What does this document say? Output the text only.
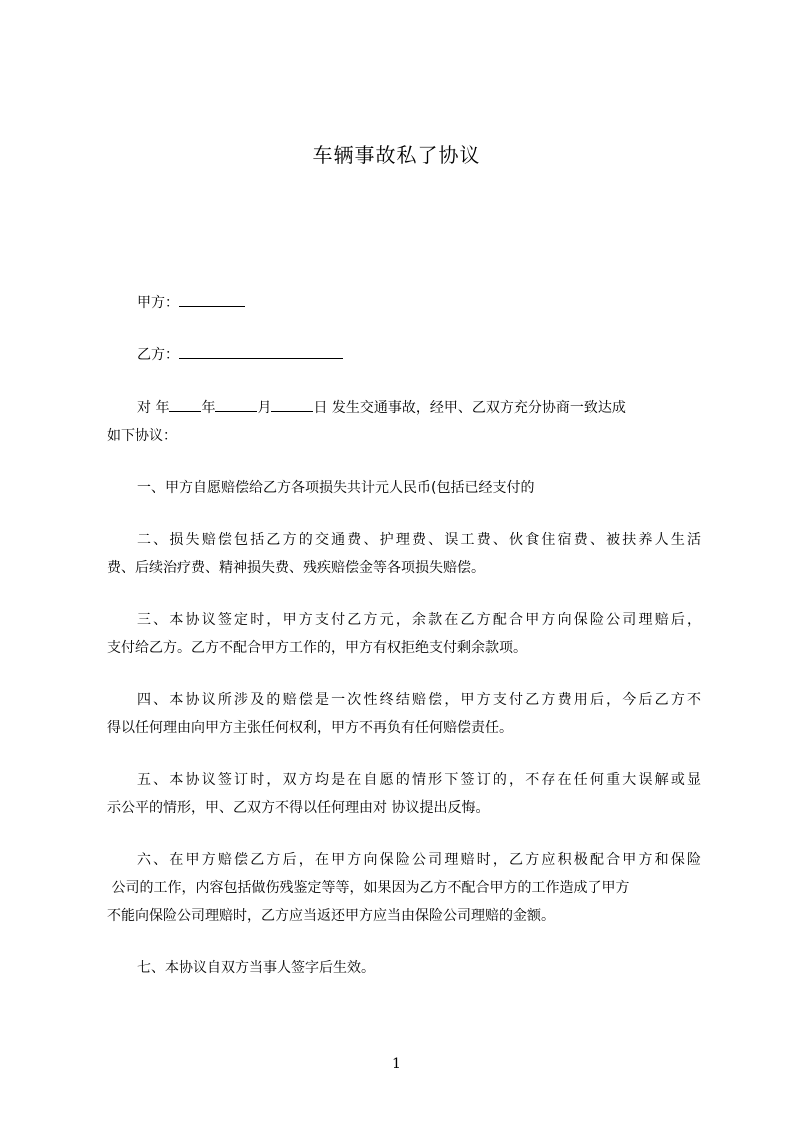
车辆事故私了协议
甲方：
乙方：
对 年 年	月	日 发生交通事故，经甲、乙双方充分协商一致达成
如下协议：
一、甲方自愿赔偿给乙方各项损失共计元人民币(包括已经支付的
二、损失赔偿包括乙方的交通费、护理费、误工费、伙食住宿费、被扶养人生活
费、后续治疗费、精神损失费、残疾赔偿金等各项损失赔偿。
三、本协议签定时，甲方支付乙方元，余款在乙方配合甲方向保险公司理赔后，
支付给乙方。乙方不配合甲方工作的，甲方有权拒绝支付剩余款项。
四、本协议所涉及的赔偿是一次性终结赔偿，甲方支付乙方费用后，今后乙方不
得以任何理由向甲方主张任何权利，甲方不再负有任何赔偿责任。
五、本协议签订时，双方均是在自愿的情形下签订的，不存在任何重大误解或显
示公平的情形，甲、乙双方不得以任何理由对 协议提出反悔。
六、在甲方赔偿乙方后，在甲方向保险公司理赔时，乙方应积极配合甲方和保险
公司的工作，内容包括做伤残鉴定等等，如果因为乙方不配合甲方的工作造成了甲方
不能向保险公司理赔时，乙方应当返还甲方应当由保险公司理赔的金额。
七、本协议自双方当事人签字后生效。
1
